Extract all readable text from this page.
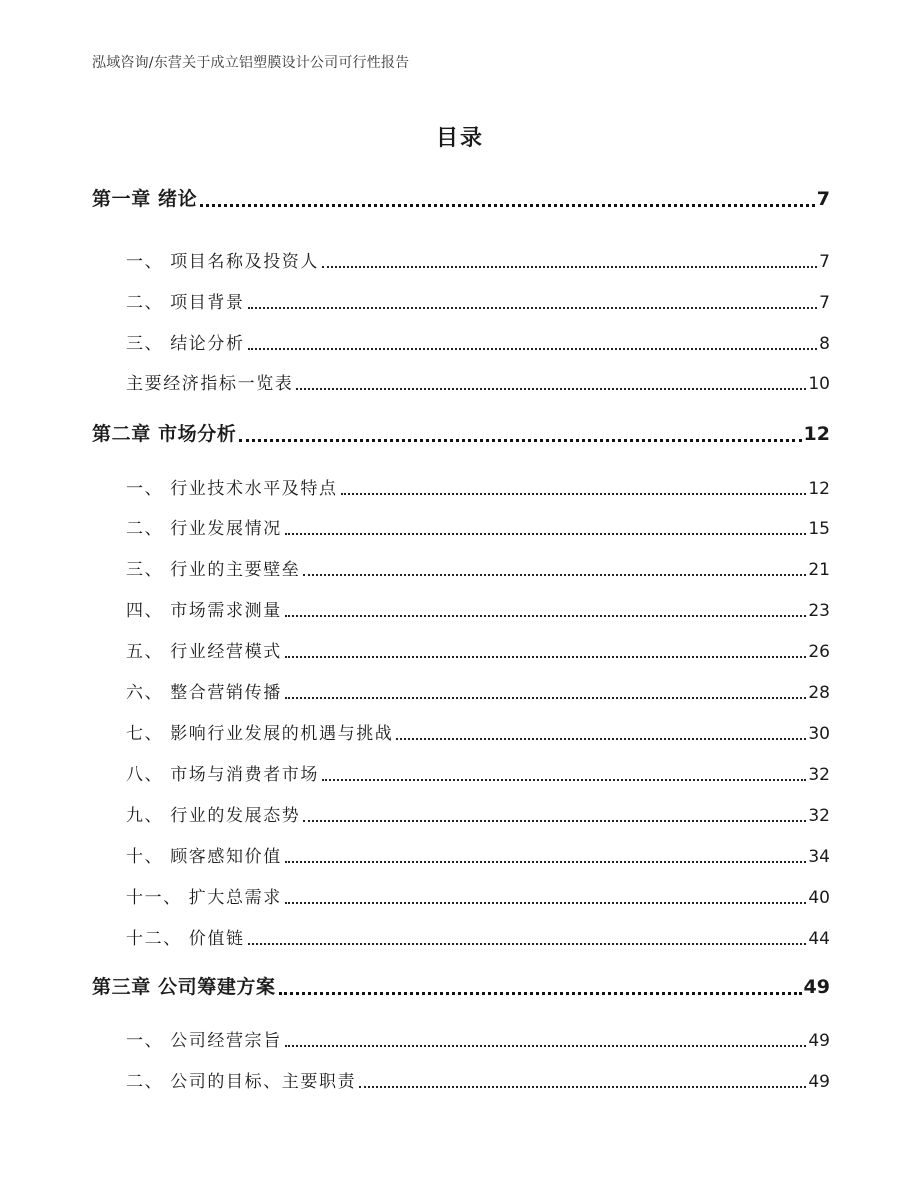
泓域咨询/东营关于成立铝塑膜设计公司可行性报告
目录
第一章 绪论	7
一、 项目名称及投资人	7
二、 项目背景	7
三、 结论分析	8
主要经济指标一览表	10
第二章 市场分析	12
一、 行业技术水平及特点	12
二、 行业发展情况	15
三、 行业的主要壁垒	21
四、 市场需求测量	23
五、 行业经营模式	26
六、 整合营销传播	28
七、 影响行业发展的机遇与挑战	30
八、 市场与消费者市场	32
九、 行业的发展态势	32
十、 顾客感知价值	34
十一、 扩大总需求	40
十二、 价值链	44
第三章 公司筹建方案	49
一、 公司经营宗旨	49
二、 公司的目标、主要职责	49
